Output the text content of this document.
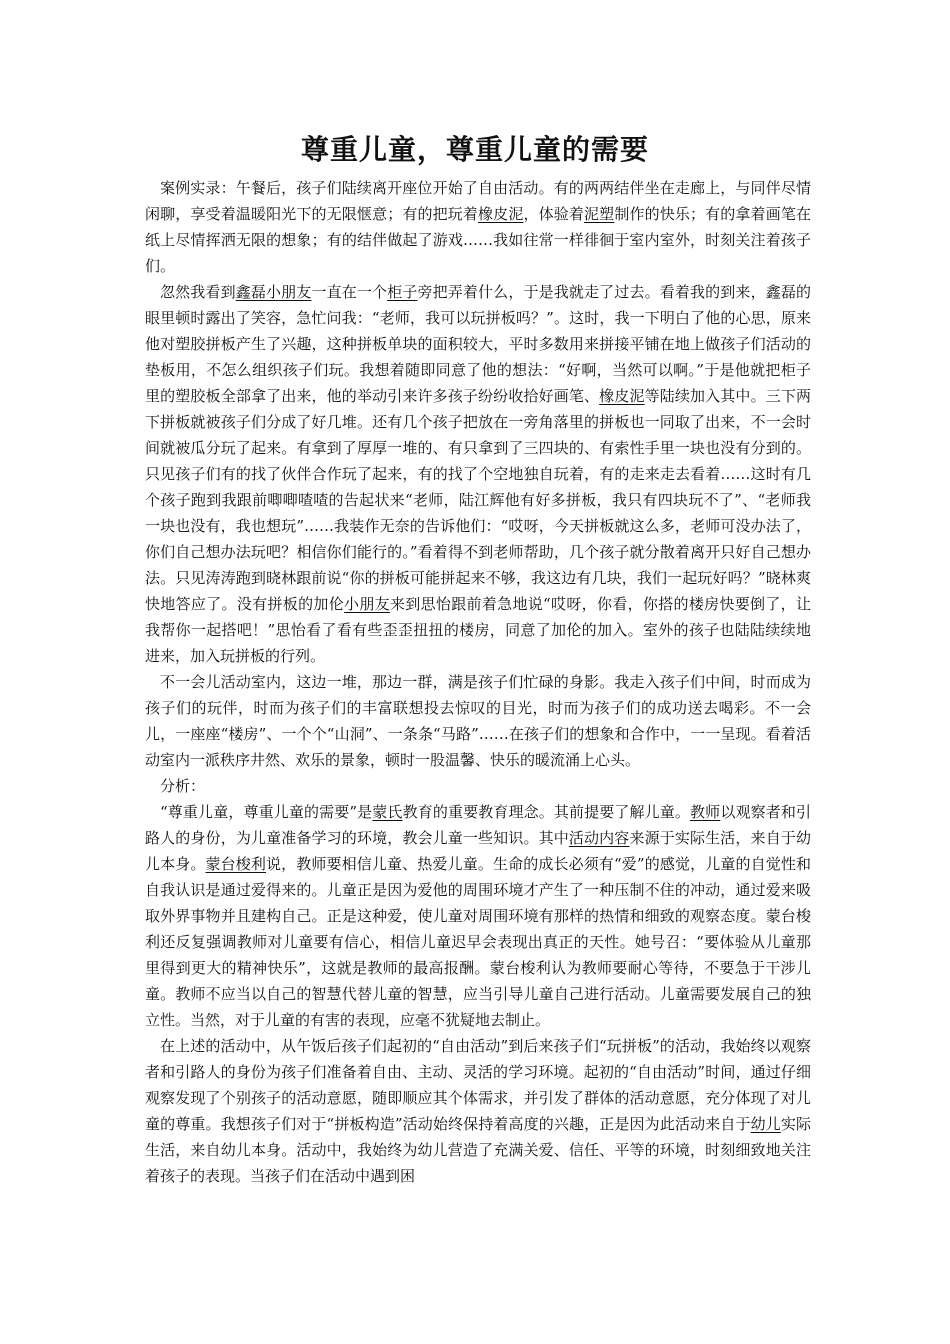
尊重儿童，尊重儿童的需要

案例实录：午餐后，孩子们陆续离开座位开始了自由活动。有的两两结伴坐在走廊上，与同伴尽情闲聊，享受着温暖阳光下的无限惬意；有的把玩着橡皮泥，体验着泥塑制作的快乐；有的拿着画笔在纸上尽情挥洒无限的想象；有的结伴做起了游戏……我如往常一样徘徊于室内室外，时刻关注着孩子们。

忽然我看到鑫磊小朋友一直在一个柜子旁把弄着什么，于是我就走了过去。看着我的到来，鑫磊的眼里顿时露出了笑容，急忙问我：“老师，我可以玩拼板吗？”。这时，我一下明白了他的心思，原来他对塑胶拼板产生了兴趣，这种拼板单块的面积较大，平时多数用来拼接平铺在地上做孩子们活动的垫板用，不怎么组织孩子们玩。我想着随即同意了他的想法：“好啊，当然可以啊。”于是他就把柜子里的塑胶板全部拿了出来，他的举动引来许多孩子纷纷收拾好画笔、橡皮泥等陆续加入其中。三下两下拼板就被孩子们分成了好几堆。还有几个孩子把放在一旁角落里的拼板也一同取了出来，不一会时间就被瓜分玩了起来。有拿到了厚厚一堆的、有只拿到了三四块的、有索性手里一块也没有分到的。只见孩子们有的找了伙伴合作玩了起来，有的找了个空地独自玩着，有的走来走去看着……这时有几个孩子跑到我跟前唧唧喳喳的告起状来“老师，陆江辉他有好多拼板，我只有四块玩不了”、“老师我一块也没有，我也想玩”……我装作无奈的告诉他们：“哎呀，今天拼板就这么多，老师可没办法了，你们自己想办法玩吧？相信你们能行的。”看着得不到老师帮助，几个孩子就分散着离开只好自己想办法。只见涛涛跑到晓林跟前说“你的拼板可能拼起来不够，我这边有几块，我们一起玩好吗？”晓林爽快地答应了。没有拼板的加伦小朋友来到思怡跟前着急地说“哎呀，你看，你搭的楼房快要倒了，让我帮你一起搭吧！”思怡看了看有些歪歪扭扭的楼房，同意了加伦的加入。室外的孩子也陆陆续续地进来，加入玩拼板的行列。

不一会儿活动室内，这边一堆，那边一群，满是孩子们忙碌的身影。我走入孩子们中间，时而成为孩子们的玩伴，时而为孩子们的丰富联想投去惊叹的目光，时而为孩子们的成功送去喝彩。不一会儿，一座座“楼房”、一个个“山洞”、一条条“马路”……在孩子们的想象和合作中，一一呈现。看着活动室内一派秩序井然、欢乐的景象，顿时一股温馨、快乐的暖流涌上心头。

分析：

“尊重儿童，尊重儿童的需要”是蒙氏教育的重要教育理念。其前提要了解儿童。教师以观察者和引路人的身份，为儿童准备学习的环境，教会儿童一些知识。其中活动内容来源于实际生活，来自于幼儿本身。蒙台梭利说，教师要相信儿童、热爱儿童。生命的成长必须有“爱”的感觉，儿童的自觉性和自我认识是通过爱得来的。儿童正是因为爱他的周围环境才产生了一种压制不住的冲动，通过爱来吸取外界事物并且建构自己。正是这种爱，使儿童对周围环境有那样的热情和细致的观察态度。蒙台梭利还反复强调教师对儿童要有信心，相信儿童迟早会表现出真正的天性。她号召：“要体验从儿童那里得到更大的精神快乐”，这就是教师的最高报酬。蒙台梭利认为教师要耐心等待，不要急于干涉儿童。教师不应当以自己的智慧代替儿童的智慧，应当引导儿童自己进行活动。儿童需要发展自己的独立性。当然，对于儿童的有害的表现，应毫不犹疑地去制止。

在上述的活动中，从午饭后孩子们起初的“自由活动”到后来孩子们“玩拼板”的活动，我始终以观察者和引路人的身份为孩子们准备着自由、主动、灵活的学习环境。起初的“自由活动”时间，通过仔细观察发现了个别孩子的活动意愿，随即顺应其个体需求，并引发了群体的活动意愿，充分体现了对儿童的尊重。我想孩子们对于“拼板构造”活动始终保持着高度的兴趣，正是因为此活动来自于幼儿实际生活，来自幼儿本身。活动中，我始终为幼儿营造了充满关爱、信任、平等的环境，时刻细致地关注着孩子的表现。当孩子们在活动中遇到困
